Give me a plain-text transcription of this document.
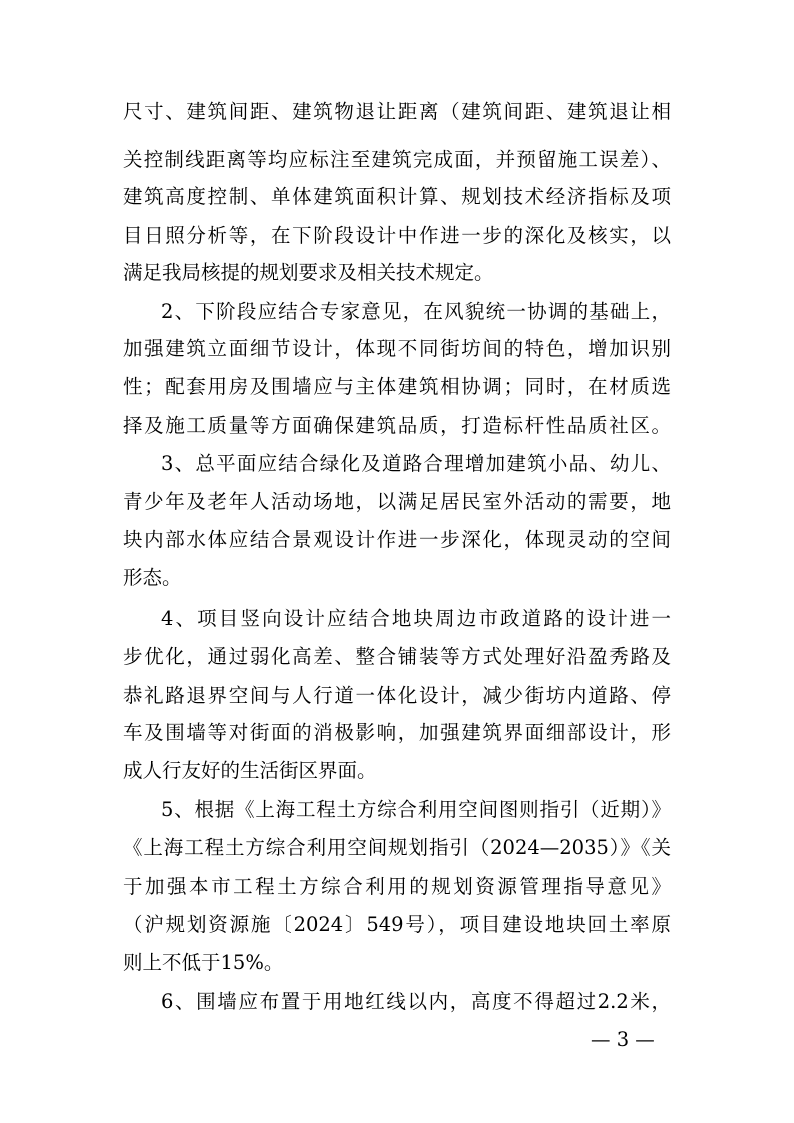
尺寸、建筑间距、建筑物退让距离（建筑间距、建筑退让相
关控制线距离等均应标注至建筑完成面，并预留施工误差）、
建筑高度控制、单体建筑面积计算、规划技术经济指标及项
目日照分析等，在下阶段设计中作进一步的深化及核实，以
满足我局核提的规划要求及相关技术规定。
2、下阶段应结合专家意见，在风貌统一协调的基础上，
加强建筑立面细节设计，体现不同街坊间的特色，增加识别
性；配套用房及围墙应与主体建筑相协调；同时，在材质选
择及施工质量等方面确保建筑品质，打造标杆性品质社区。
3、总平面应结合绿化及道路合理增加建筑小品、幼儿、
青少年及老年人活动场地，以满足居民室外活动的需要，地
块内部水体应结合景观设计作进一步深化，体现灵动的空间
形态。
4、项目竖向设计应结合地块周边市政道路的设计进一
步优化，通过弱化高差、整合铺装等方式处理好沿盈秀路及
恭礼路退界空间与人行道一体化设计，减少街坊内道路、停
车及围墙等对街面的消极影响，加强建筑界面细部设计，形
成人行友好的生活街区界面。
5、根据《上海工程土方综合利用空间图则指引（近期）》
《上海工程土方综合利用空间规划指引（2024—2035）》《关
于加强本市工程土方综合利用的规划资源管理指导意见》
（沪规划资源施〔2024〕549号），项目建设地块回土率原
则上不低于15%。
6、围墙应布置于用地红线以内，高度不得超过2.2米，
— 3 —
